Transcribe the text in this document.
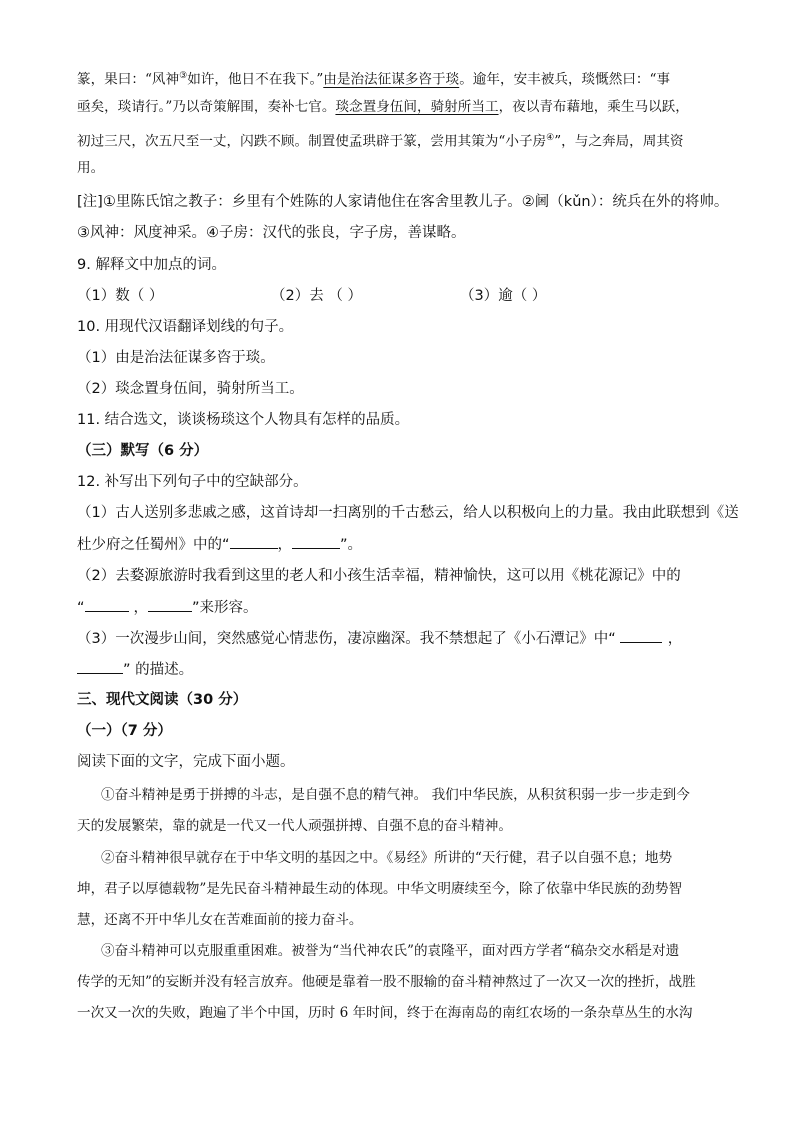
篆，果曰：“风神③如许，他日不在我下。”由是治法征谋多咨于琰。逾年，安丰被兵，琰慨然曰：“事
亟矣，琰请行。”乃以奇策解围，奏补七官。琰念置身伍间，骑射所当工，夜以青布藉地，乘生马以跃，
初过三尺，次五尺至一丈，闪跌不顾。制置使孟珙辟于篆，尝用其策为“小子房④”，与之奔局，周其资
用。
[注]①里陈氏馆之教子：乡里有个姓陈的人家请他住在客舍里教儿子。②阃（kǔn）：统兵在外的将帅。
③风神：风度神采。④子房：汉代的张良，字子房，善谋略。
9. 解释文中加点的词。
（1）数（ ）	（2）去 （ ）	（3）逾（ ）
10. 用现代汉语翻译划线的句子。
（1）由是治法征谋多咨于琰。
（2）琰念置身伍间，骑射所当工。
11. 结合选文，谈谈杨琰这个人物具有怎样的品质。
（三）默写（6 分）
12. 补写出下列句子中的空缺部分。
（1）古人送别多悲戚之感，这首诗却一扫离别的千古愁云，给人以积极向上的力量。我由此联想到《送
杜少府之任蜀州》中的“	，	”。
（2）去婺源旅游时我看到这里的老人和小孩生活幸福，精神愉快，这可以用《桃花源记》中的
“	，	”来形容。
（3）一次漫步山间，突然感觉心情悲伤，凄凉幽深。我不禁想起了《小石潭记》中“	，
” 的描述。
三、现代文阅读（30 分）
（一）（7 分）
阅读下面的文字，完成下面小题。
①奋斗精神是勇于拼搏的斗志，是自强不息的精气神。 我们中华民族，从积贫积弱一步一步走到今
天的发展繁荣，靠的就是一代又一代人顽强拼搏、自强不息的奋斗精神。
②奋斗精神很早就存在于中华文明的基因之中。《易经》所讲的“天行健，君子以自强不息；地势
坤，君子以厚德载物”是先民奋斗精神最生动的体现。中华文明赓续至今，除了依靠中华民族的劲势智
慧，还离不开中华儿女在苦难面前的接力奋斗。
③奋斗精神可以克服重重困难。被誉为“当代神农氏”的袁隆平，面对西方学者“稿杂交水稻是对遗
传学的无知”的妄断并没有轻言放弃。他硬是靠着一股不服输的奋斗精神熬过了一次又一次的挫折，战胜
一次又一次的失败，跑遍了半个中国，历时 6 年时间，终于在海南岛的南红农场的一条杂草丛生的水沟
